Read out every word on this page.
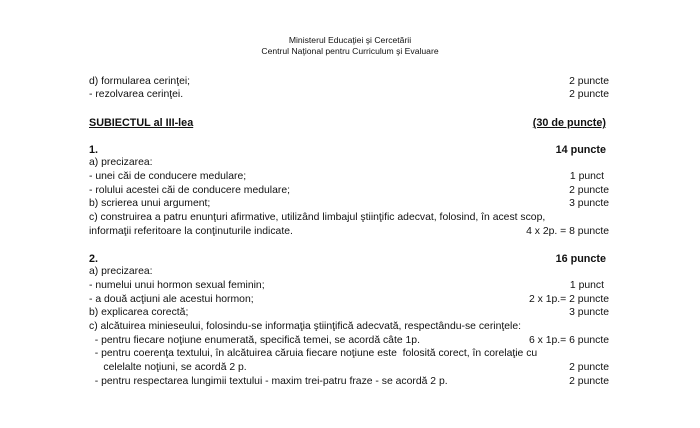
Ministerul Educaţiei şi Cercetării
Centrul Naţional pentru Curriculum şi Evaluare
d) formularea cerinţei;	2 puncte
- rezolvarea cerinţei.	2 puncte
SUBIECTUL al III-lea	(30 de puncte)
1.	14 puncte
a) precizarea:
- unei căi de conducere medulare;	1 punct
- rolului acestei căi de conducere medulare;	2 puncte
b) scrierea unui argument;	3 puncte
c) construirea a patru enunţuri afirmative, utilizând limbajul ştiinţific adecvat, folosind, în acest scop,
informaţii referitoare la conţinuturile indicate.	4 x 2p. = 8 puncte
2.	16 puncte
a) precizarea:
- numelui unui hormon sexual feminin;	1 punct
- a două acţiuni ale acestui hormon;	2 x 1p.= 2 puncte
b) explicarea corectă;	3 puncte
c) alcătuirea minieseului, folosindu-se informaţia ştiinţifică adecvată, respectându-se cerinţele:
- pentru fiecare noţiune enumerată, specifică temei, se acordă câte 1p.	6 x 1p.= 6 puncte
- pentru coerenţa textului, în alcătuirea căruia fiecare noţiune este  folosită corect, în corelaţie cu
celelalte noţiuni, se acordă 2 p.	2 puncte
- pentru respectarea lungimii textului - maxim trei-patru fraze - se acordă 2 p.	2 puncte
